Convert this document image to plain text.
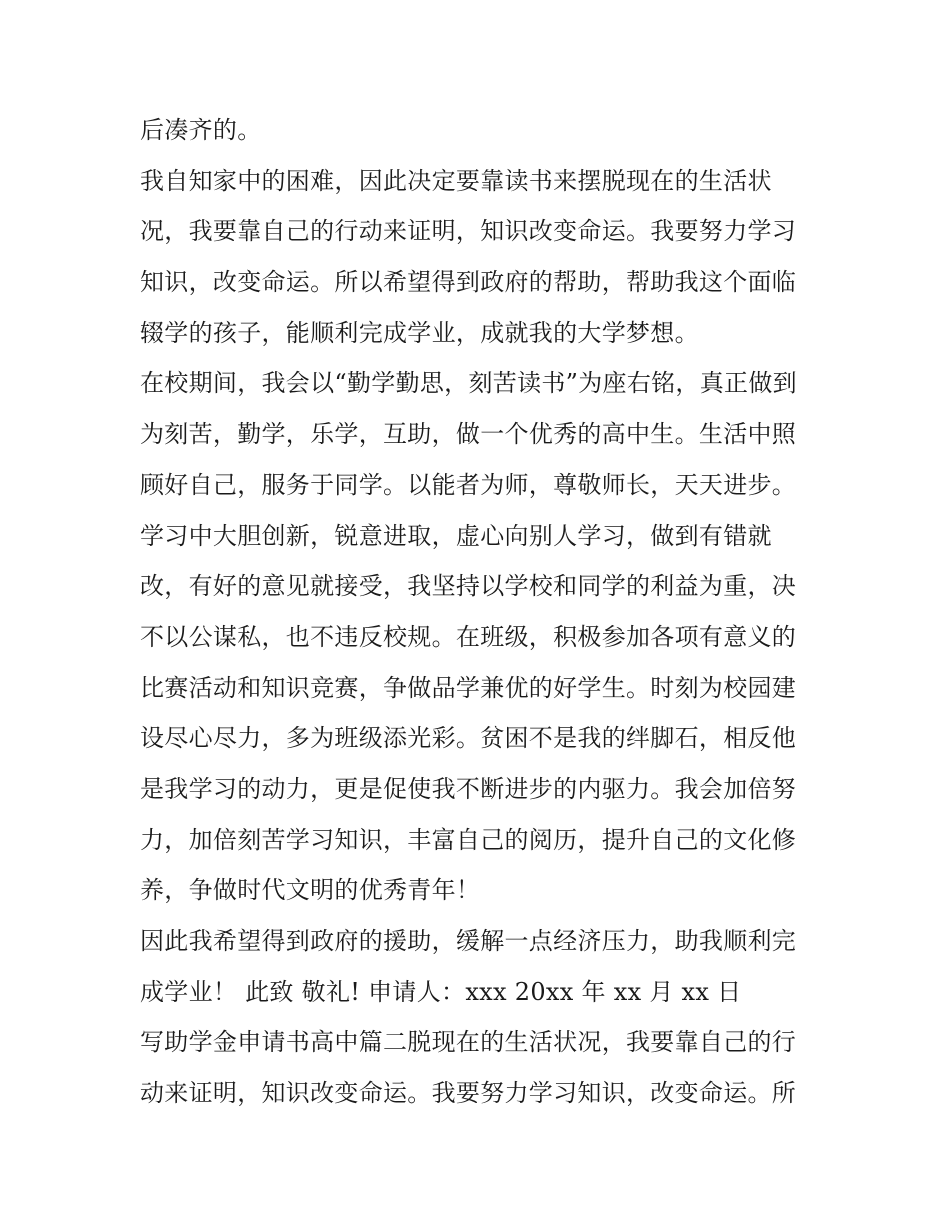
后凑齐的。
我自知家中的困难，因此决定要靠读书来摆脱现在的生活状
况，我要靠自己的行动来证明，知识改变命运。我要努力学习
知识，改变命运。所以希望得到政府的帮助，帮助我这个面临
辍学的孩子，能顺利完成学业，成就我的大学梦想。
在校期间，我会以“勤学勤思，刻苦读书”为座右铭，真正做到
为刻苦，勤学，乐学，互助，做一个优秀的高中生。生活中照
顾好自己，服务于同学。以能者为师，尊敬师长，天天进步。
学习中大胆创新，锐意进取，虚心向别人学习，做到有错就
改，有好的意见就接受，我坚持以学校和同学的利益为重，决
不以公谋私，也不违反校规。在班级，积极参加各项有意义的
比赛活动和知识竞赛，争做品学兼优的好学生。时刻为校园建
设尽心尽力，多为班级添光彩。贫困不是我的绊脚石，相反他
是我学习的动力，更是促使我不断进步的内驱力。我会加倍努
力，加倍刻苦学习知识，丰富自己的阅历，提升自己的文化修
养，争做时代文明的优秀青年！
因此我希望得到政府的援助，缓解一点经济压力，助我顺利完
成学业！ 此致 敬礼! 申请人：xxx 20xx 年 xx 月 xx 日
写助学金申请书高中篇二脱现在的生活状况，我要靠自己的行
动来证明，知识改变命运。我要努力学习知识，改变命运。所
